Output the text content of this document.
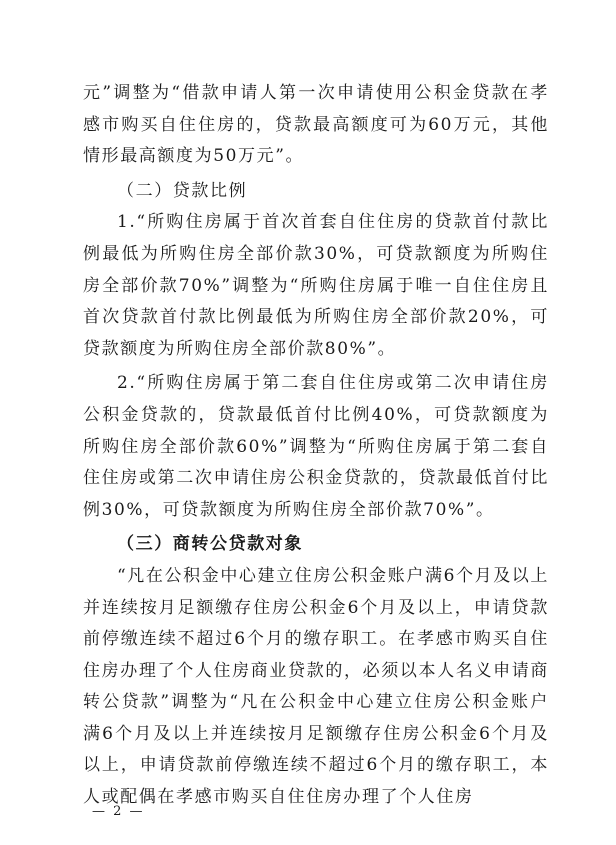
元”调整为“借款申请人第一次申请使用公积金贷款在孝感市购买自住住房的，贷款最高额度可为60万元，其他情形最高额度为50万元”。

（二）贷款比例

1.“所购住房属于首次首套自住住房的贷款首付款比例最低为所购住房全部价款30%，可贷款额度为所购住房全部价款70%”调整为“所购住房属于唯一自住住房且首次贷款首付款比例最低为所购住房全部价款20%，可贷款额度为所购住房全部价款80%”。

2.“所购住房属于第二套自住住房或第二次申请住房公积金贷款的，贷款最低首付比例40%，可贷款额度为所购住房全部价款60%”调整为“所购住房属于第二套自住住房或第二次申请住房公积金贷款的，贷款最低首付比例30%，可贷款额度为所购住房全部价款70%”。

（三）商转公贷款对象

“凡在公积金中心建立住房公积金账户满6个月及以上并连续按月足额缴存住房公积金6个月及以上，申请贷款前停缴连续不超过6个月的缴存职工。在孝感市购买自住住房办理了个人住房商业贷款的，必须以本人名义申请商转公贷款”调整为“凡在公积金中心建立住房公积金账户满6个月及以上并连续按月足额缴存住房公积金6个月及以上，申请贷款前停缴连续不超过6个月的缴存职工，本人或配偶在孝感市购买自住住房办理了个人住房

— 2 —
